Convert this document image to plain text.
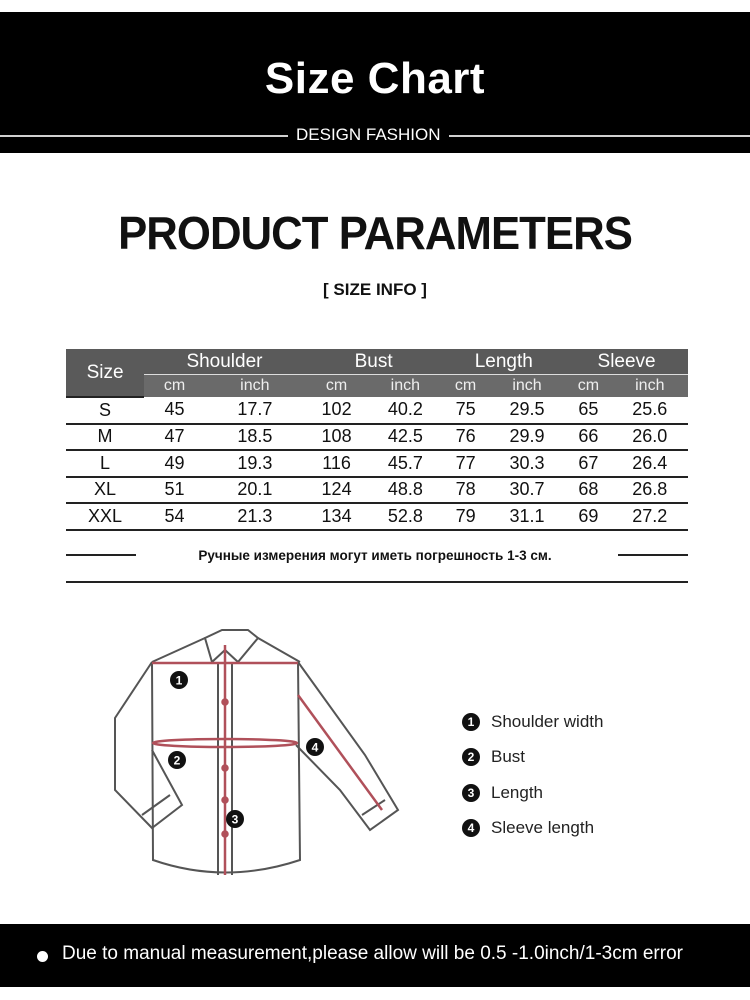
Size Chart
DESIGN FASHION
PRODUCT PARAMETERS
[ SIZE INFO ]
Size	Shoulder		Bust		Length		Sleeve	
	cm	inch	cm	inch	cm	inch	cm	inch
S	45	17.7	102	40.2	75	29.5	65	25.6
M	47	18.5	108	42.5	76	29.9	66	26.0
L	49	19.3	116	45.7	77	30.3	67	26.4
XL	51	20.1	124	48.8	78	30.7	68	26.8
XXL	54	21.3	134	52.8	79	31.1	69	27.2
Ручные измерения могут иметь погрешность 1-3 см.
1
2
3
4
1 Shoulder width
2 Bust
3 Length
4 Sleeve length
Due to manual measurement,please allow will be 0.5 -1.0inch/1-3cm error
